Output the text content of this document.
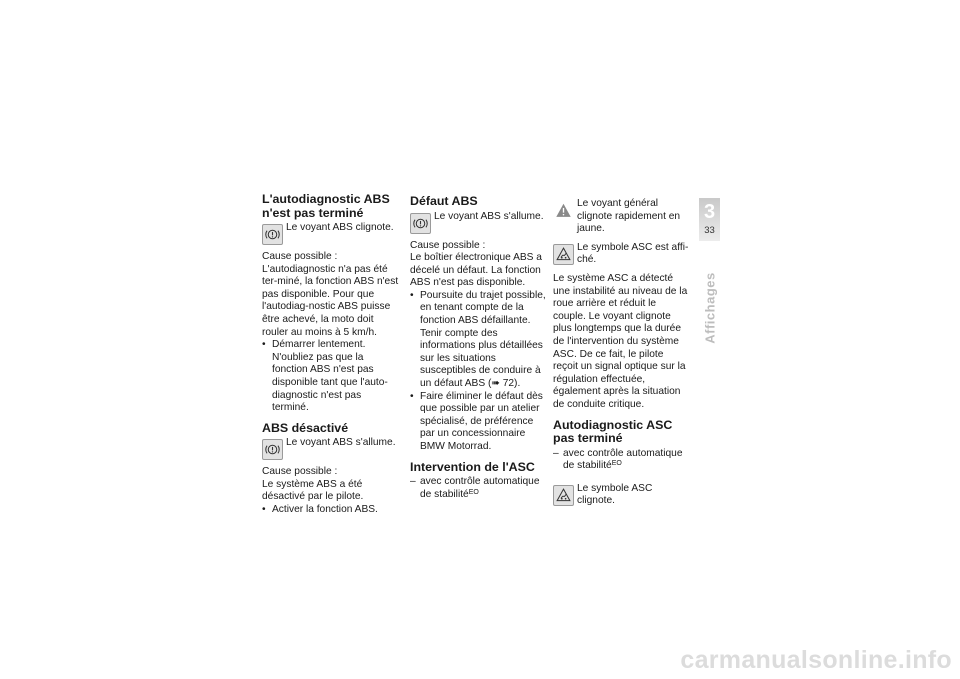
L'autodiagnostic ABS n'est pas terminé
Le voyant ABS clignote.

Cause possible :

L'autodiagnostic n'a pas été ter-miné, la fonction ABS n'est pas disponible. Pour que l'autodiag-nostic ABS puisse être achevé, la moto doit rouler au moins à 5 km/h.

• Démarrer lentement. N'oubliez pas que la fonction ABS n'est pas disponible tant que l'auto-diagnostic n'est pas terminé.
ABS désactivé
Le voyant ABS s'allume.

Cause possible :

Le système ABS a été désactivé par le pilote.

• Activer la fonction ABS.
Défaut ABS
Le voyant ABS s'allume.

Cause possible :

Le boîtier électronique ABS a décelé un défaut. La fonction ABS n'est pas disponible.

• Poursuite du trajet possible, en tenant compte de la fonction ABS défaillante. Tenir compte des informations plus détaillées sur les situations susceptibles de conduire à un défaut ABS (➠ 72).
• Faire éliminer le défaut dès que possible par un atelier spécialisé, de préférence par un concessionnaire BMW Motorrad.
Intervention de l'ASC
– avec contrôle automatique de stabilité$^{EO}$
Le voyant général clignote rapidement en jaune.
Le symbole ASC est affi-ché.

Le système ASC a détecté une instabilité au niveau de la roue arrière et réduit le couple. Le voyant clignote plus longtemps que la durée de l'intervention du système ASC. De ce fait, le pilote reçoit un signal optique sur la régulation effectuée, également après la situation de conduite critique.

Autodiagnostic ASC pas terminé
– avec contrôle automatique de stabilité$^{EO}$
Le symbole ASC clignote.
3
33
Affichages
carmanualsonline.info
